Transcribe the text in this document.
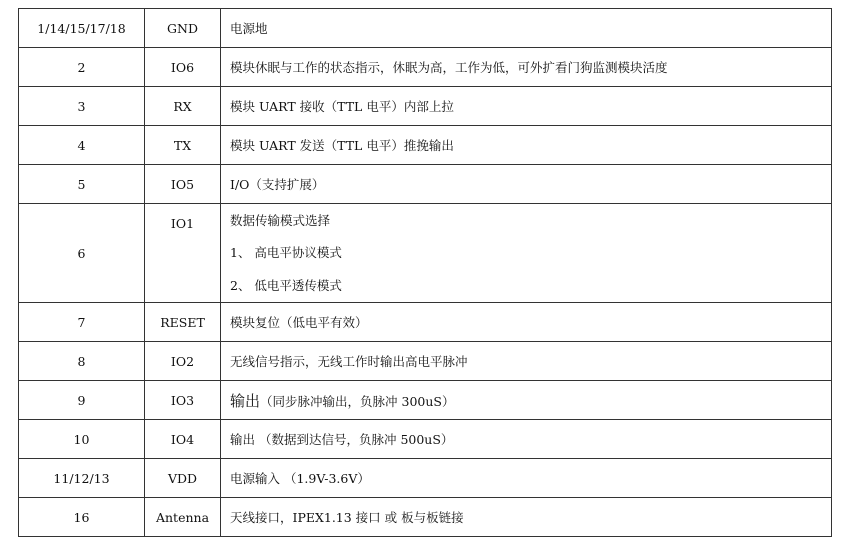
1/14/15/17/18	GND	电源地
2	IO6	模块休眠与工作的状态指示，休眠为高，工作为低，可外扩看门狗监测模块活度
3	RX	模块 UART 接收（TTL 电平）内部上拉
4	TX	模块 UART 发送（TTL 电平）推挽输出
5	IO5	I/O（支持扩展）
6	IO1	数据传输模式选择
1、 高电平协议模式
2、 低电平透传模式

7	RESET	模块复位（低电平有效）
8	IO2	无线信号指示，无线工作时输出高电平脉冲
9	IO3	输出（同步脉冲输出，负脉冲 300uS）
10	IO4	输出 （数据到达信号，负脉冲 500uS）
11/12/13	VDD	电源输入 （1.9V-3.6V）
16	Antenna	天线接口，IPEX1.13 接口 或 板与板链接
